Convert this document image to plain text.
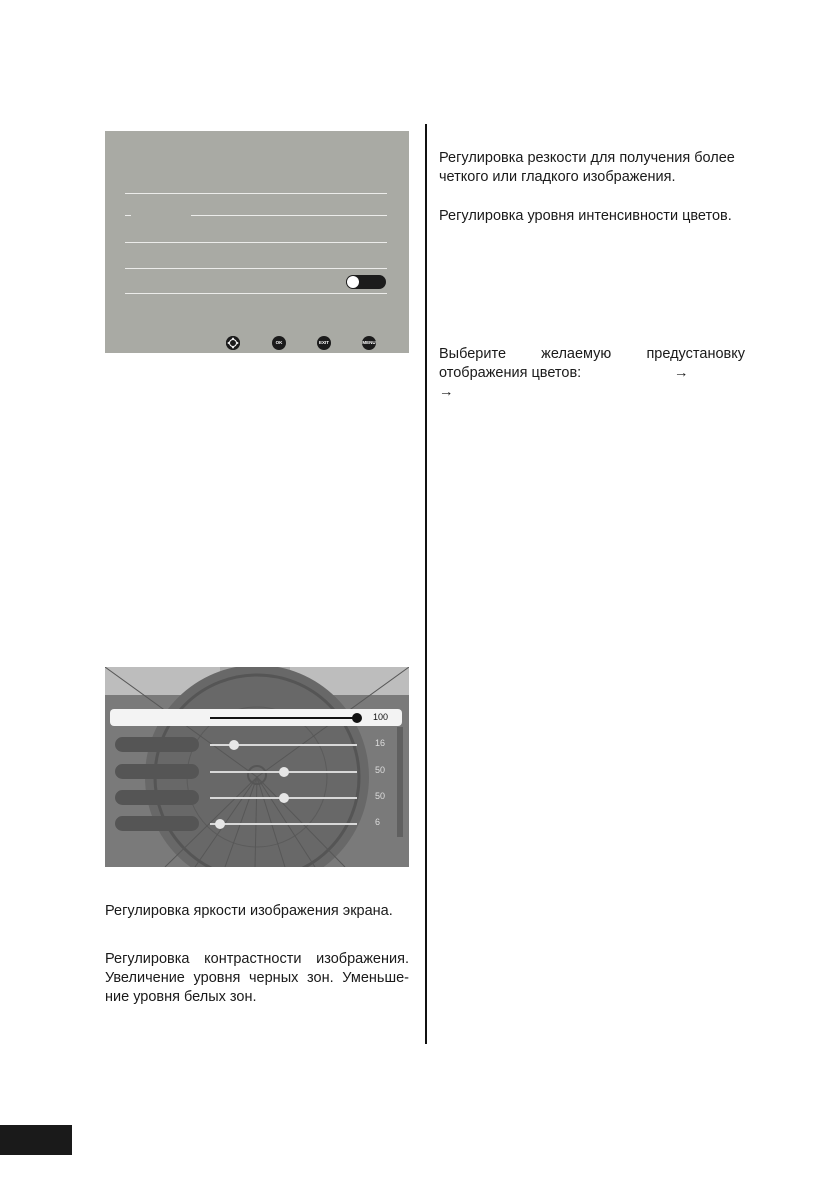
OK	EXIT	MENU
100
16
50
50
6

Регулировка яркости изображения экрана.

Регулировка контрастности изображения.

Увеличение уровня черных зон. Уменьше-

ние уровня белых зон.

Регулировка резкости для получения более четкого или гладкого изображения.

Регулировка уровня интенсивности цветов.

Выберите желаемую предустановку
отображения цветов:	→
→
